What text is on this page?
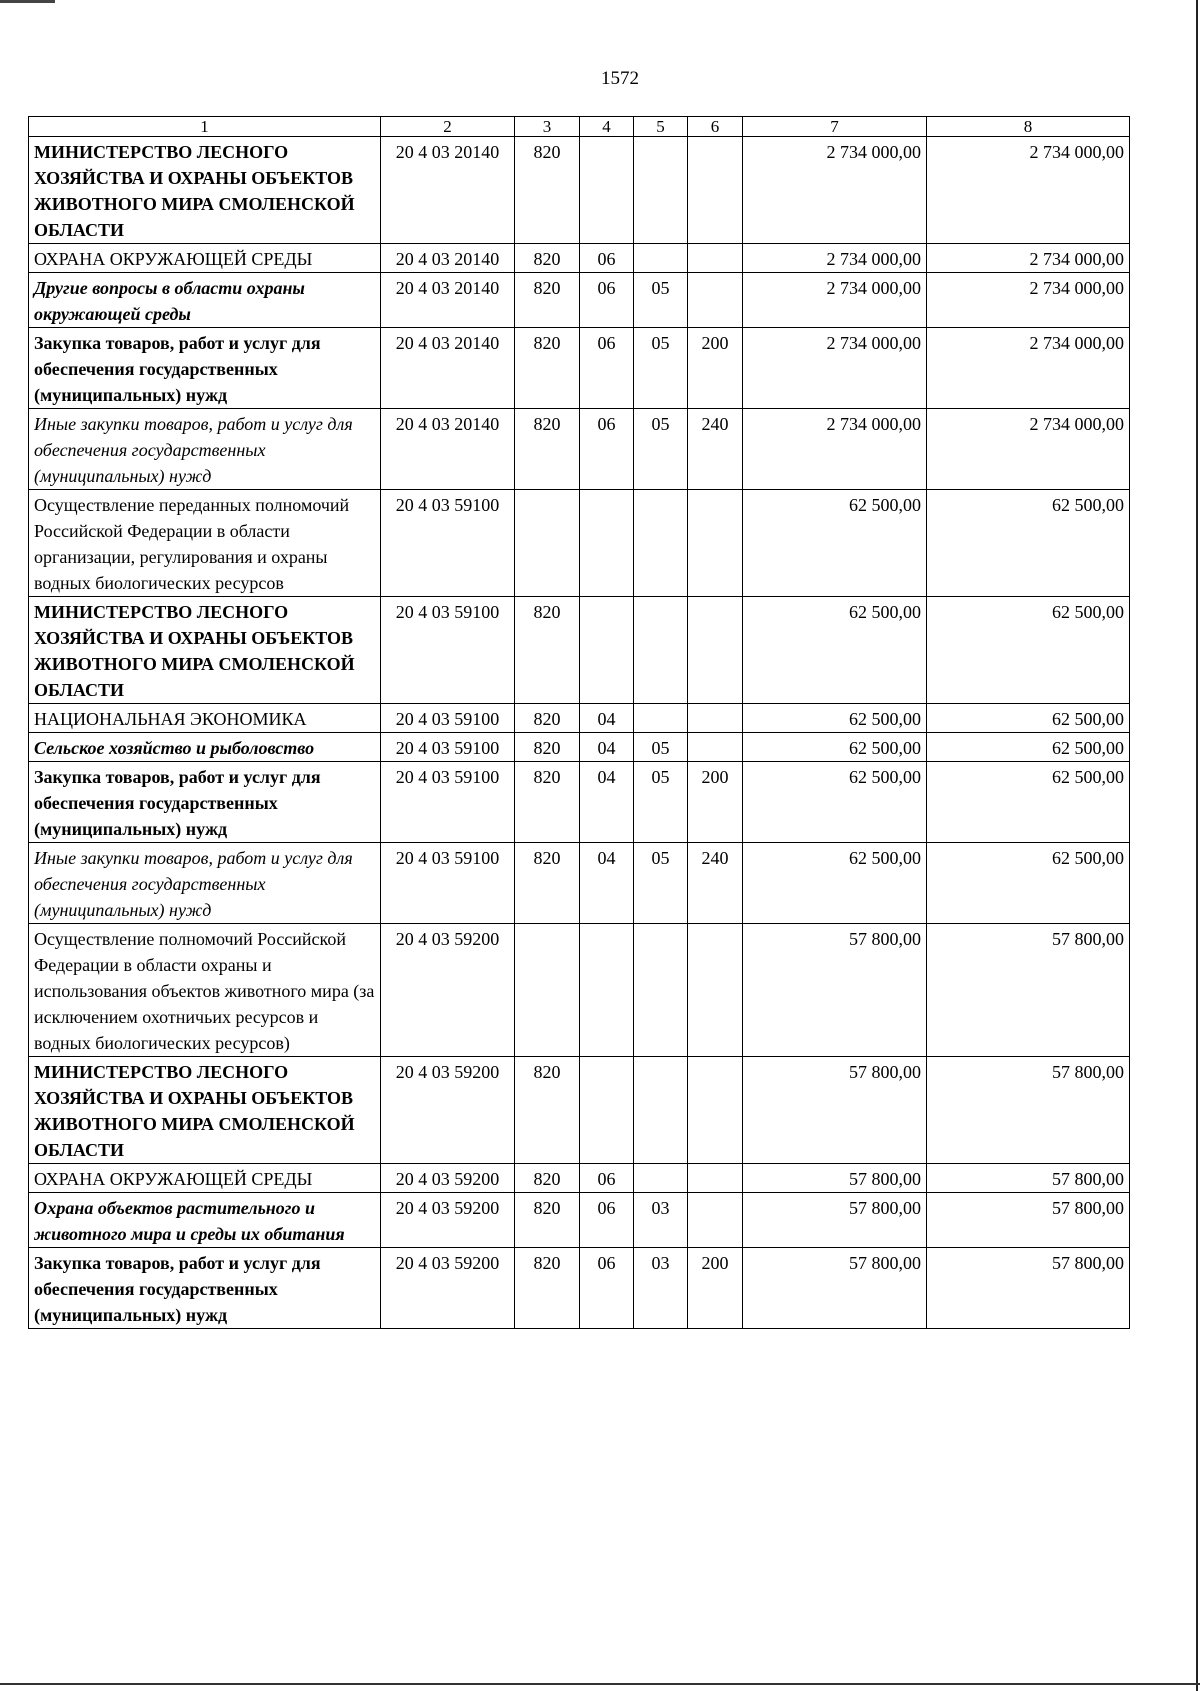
1572
1	2	3	4	5	6	7	8
МИНИСТЕРСТВО ЛЕСНОГО ХОЗЯЙСТВА И ОХРАНЫ ОБЪЕКТОВ ЖИВОТНОГО МИРА СМОЛЕНСКОЙ ОБЛАСТИ	20 4 03 20140	820				2 734 000,00	2 734 000,00
ОХРАНА ОКРУЖАЮЩЕЙ СРЕДЫ	20 4 03 20140	820	06			2 734 000,00	2 734 000,00
Другие вопросы в области охраны окружающей среды	20 4 03 20140	820	06	05		2 734 000,00	2 734 000,00
Закупка товаров, работ и услуг для обеспечения государственных (муниципальных) нужд	20 4 03 20140	820	06	05	200	2 734 000,00	2 734 000,00
Иные закупки товаров, работ и услуг для обеспечения государственных (муниципальных) нужд	20 4 03 20140	820	06	05	240	2 734 000,00	2 734 000,00
Осуществление переданных полномочий Российской Федерации в области организации, регулирования и охраны водных биологических ресурсов	20 4 03 59100					62 500,00	62 500,00
МИНИСТЕРСТВО ЛЕСНОГО ХОЗЯЙСТВА И ОХРАНЫ ОБЪЕКТОВ ЖИВОТНОГО МИРА СМОЛЕНСКОЙ ОБЛАСТИ	20 4 03 59100	820				62 500,00	62 500,00
НАЦИОНАЛЬНАЯ ЭКОНОМИКА	20 4 03 59100	820	04			62 500,00	62 500,00
Сельское хозяйство и рыболовство	20 4 03 59100	820	04	05		62 500,00	62 500,00
Закупка товаров, работ и услуг для обеспечения государственных (муниципальных) нужд	20 4 03 59100	820	04	05	200	62 500,00	62 500,00
Иные закупки товаров, работ и услуг для обеспечения государственных (муниципальных) нужд	20 4 03 59100	820	04	05	240	62 500,00	62 500,00
Осуществление полномочий Российской Федерации в области охраны и использования объектов животного мира (за исключением охотничьих ресурсов и водных биологических ресурсов)	20 4 03 59200					57 800,00	57 800,00
МИНИСТЕРСТВО ЛЕСНОГО ХОЗЯЙСТВА И ОХРАНЫ ОБЪЕКТОВ ЖИВОТНОГО МИРА СМОЛЕНСКОЙ ОБЛАСТИ	20 4 03 59200	820				57 800,00	57 800,00
ОХРАНА ОКРУЖАЮЩЕЙ СРЕДЫ	20 4 03 59200	820	06			57 800,00	57 800,00
Охрана объектов растительного и животного мира и среды их обитания	20 4 03 59200	820	06	03		57 800,00	57 800,00
Закупка товаров, работ и услуг для обеспечения государственных (муниципальных) нужд	20 4 03 59200	820	06	03	200	57 800,00	57 800,00
